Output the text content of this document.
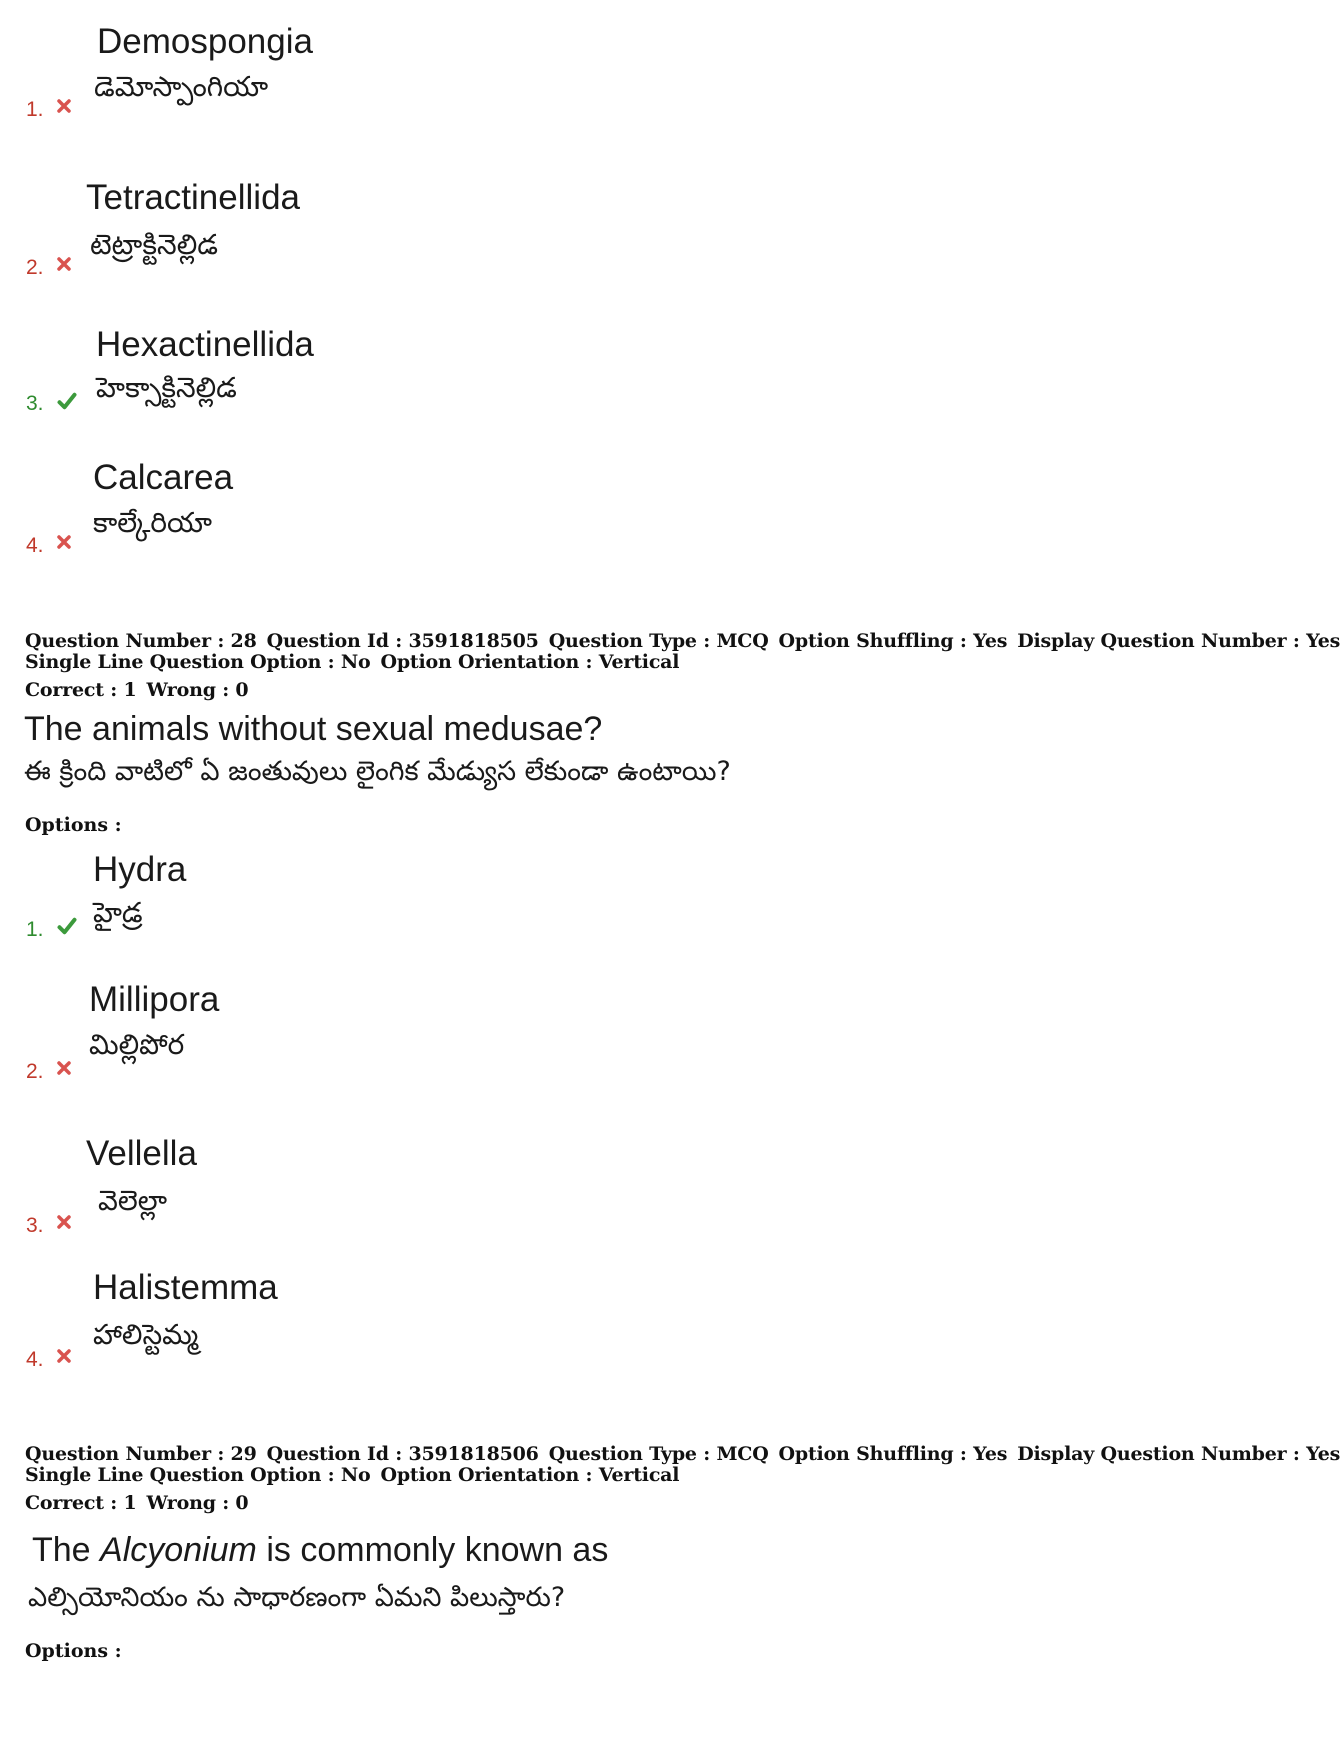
Demospongia
డెమోస్పాంగియా
1.
Tetractinellida
టెట్రాక్టినెల్లిడ
2.
Hexactinellida
హెక్సాక్టినెల్లిడ
3.
Calcarea
కాల్కేరియా
4.
Question Number : 28 Question Id : 3591818505 Question Type : MCQ Option Shuffling : Yes Display Question Number : Yes
Single Line Question Option : No Option Orientation : Vertical
Correct : 1 Wrong : 0
The animals without sexual medusae?
ఈ క్రింది వాటిలో ఏ జంతువులు లైంగిక మేడ్యుస లేకుండా ఉంటాయి?
Options :
Hydra
హైడ్ర
1.
Millipora
మిల్లిపోర
2.
Vellella
వెలెల్లా
3.
Halistemma
హాలిస్టెమ్మ
4.
Question Number : 29 Question Id : 3591818506 Question Type : MCQ Option Shuffling : Yes Display Question Number : Yes
Single Line Question Option : No Option Orientation : Vertical
Correct : 1 Wrong : 0
The Alcyonium is commonly known as
ఎల్సియోనియం ను సాధారణంగా ఏమని పిలుస్తారు?
Options :
